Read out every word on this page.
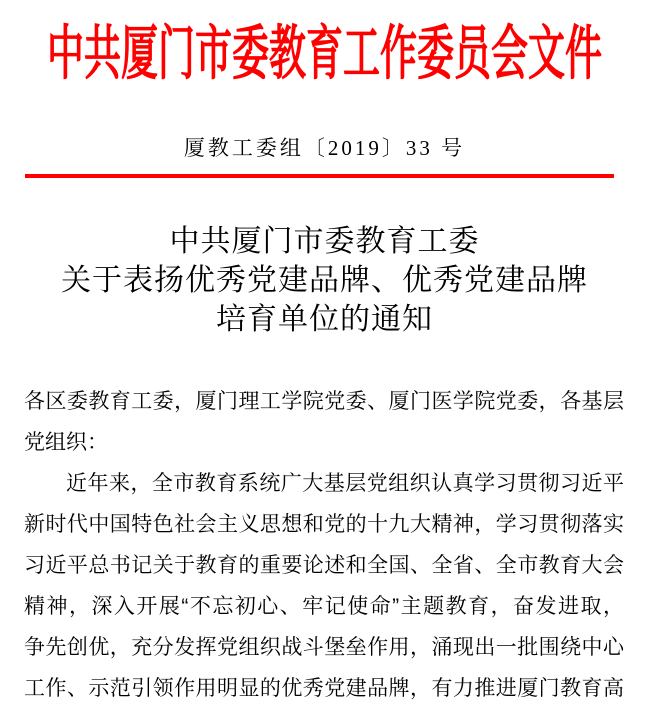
中共厦门市委教育工作委员会文件
厦教工委组〔2019〕33 号
中共厦门市委教育工委
关于表扬优秀党建品牌、优秀党建品牌
培育单位的通知
各区委教育工委，厦门理工学院党委、厦门医学院党委，各基层
党组织：
近年来，全市教育系统广大基层党组织认真学习贯彻习近平
新时代中国特色社会主义思想和党的十九大精神，学习贯彻落实
习近平总书记关于教育的重要论述和全国、全省、全市教育大会
精神，深入开展“不忘初心、牢记使命”主题教育，奋发进取，
争先创优，充分发挥党组织战斗堡垒作用，涌现出一批围绕中心
工作、示范引领作用明显的优秀党建品牌，有力推进厦门教育高
